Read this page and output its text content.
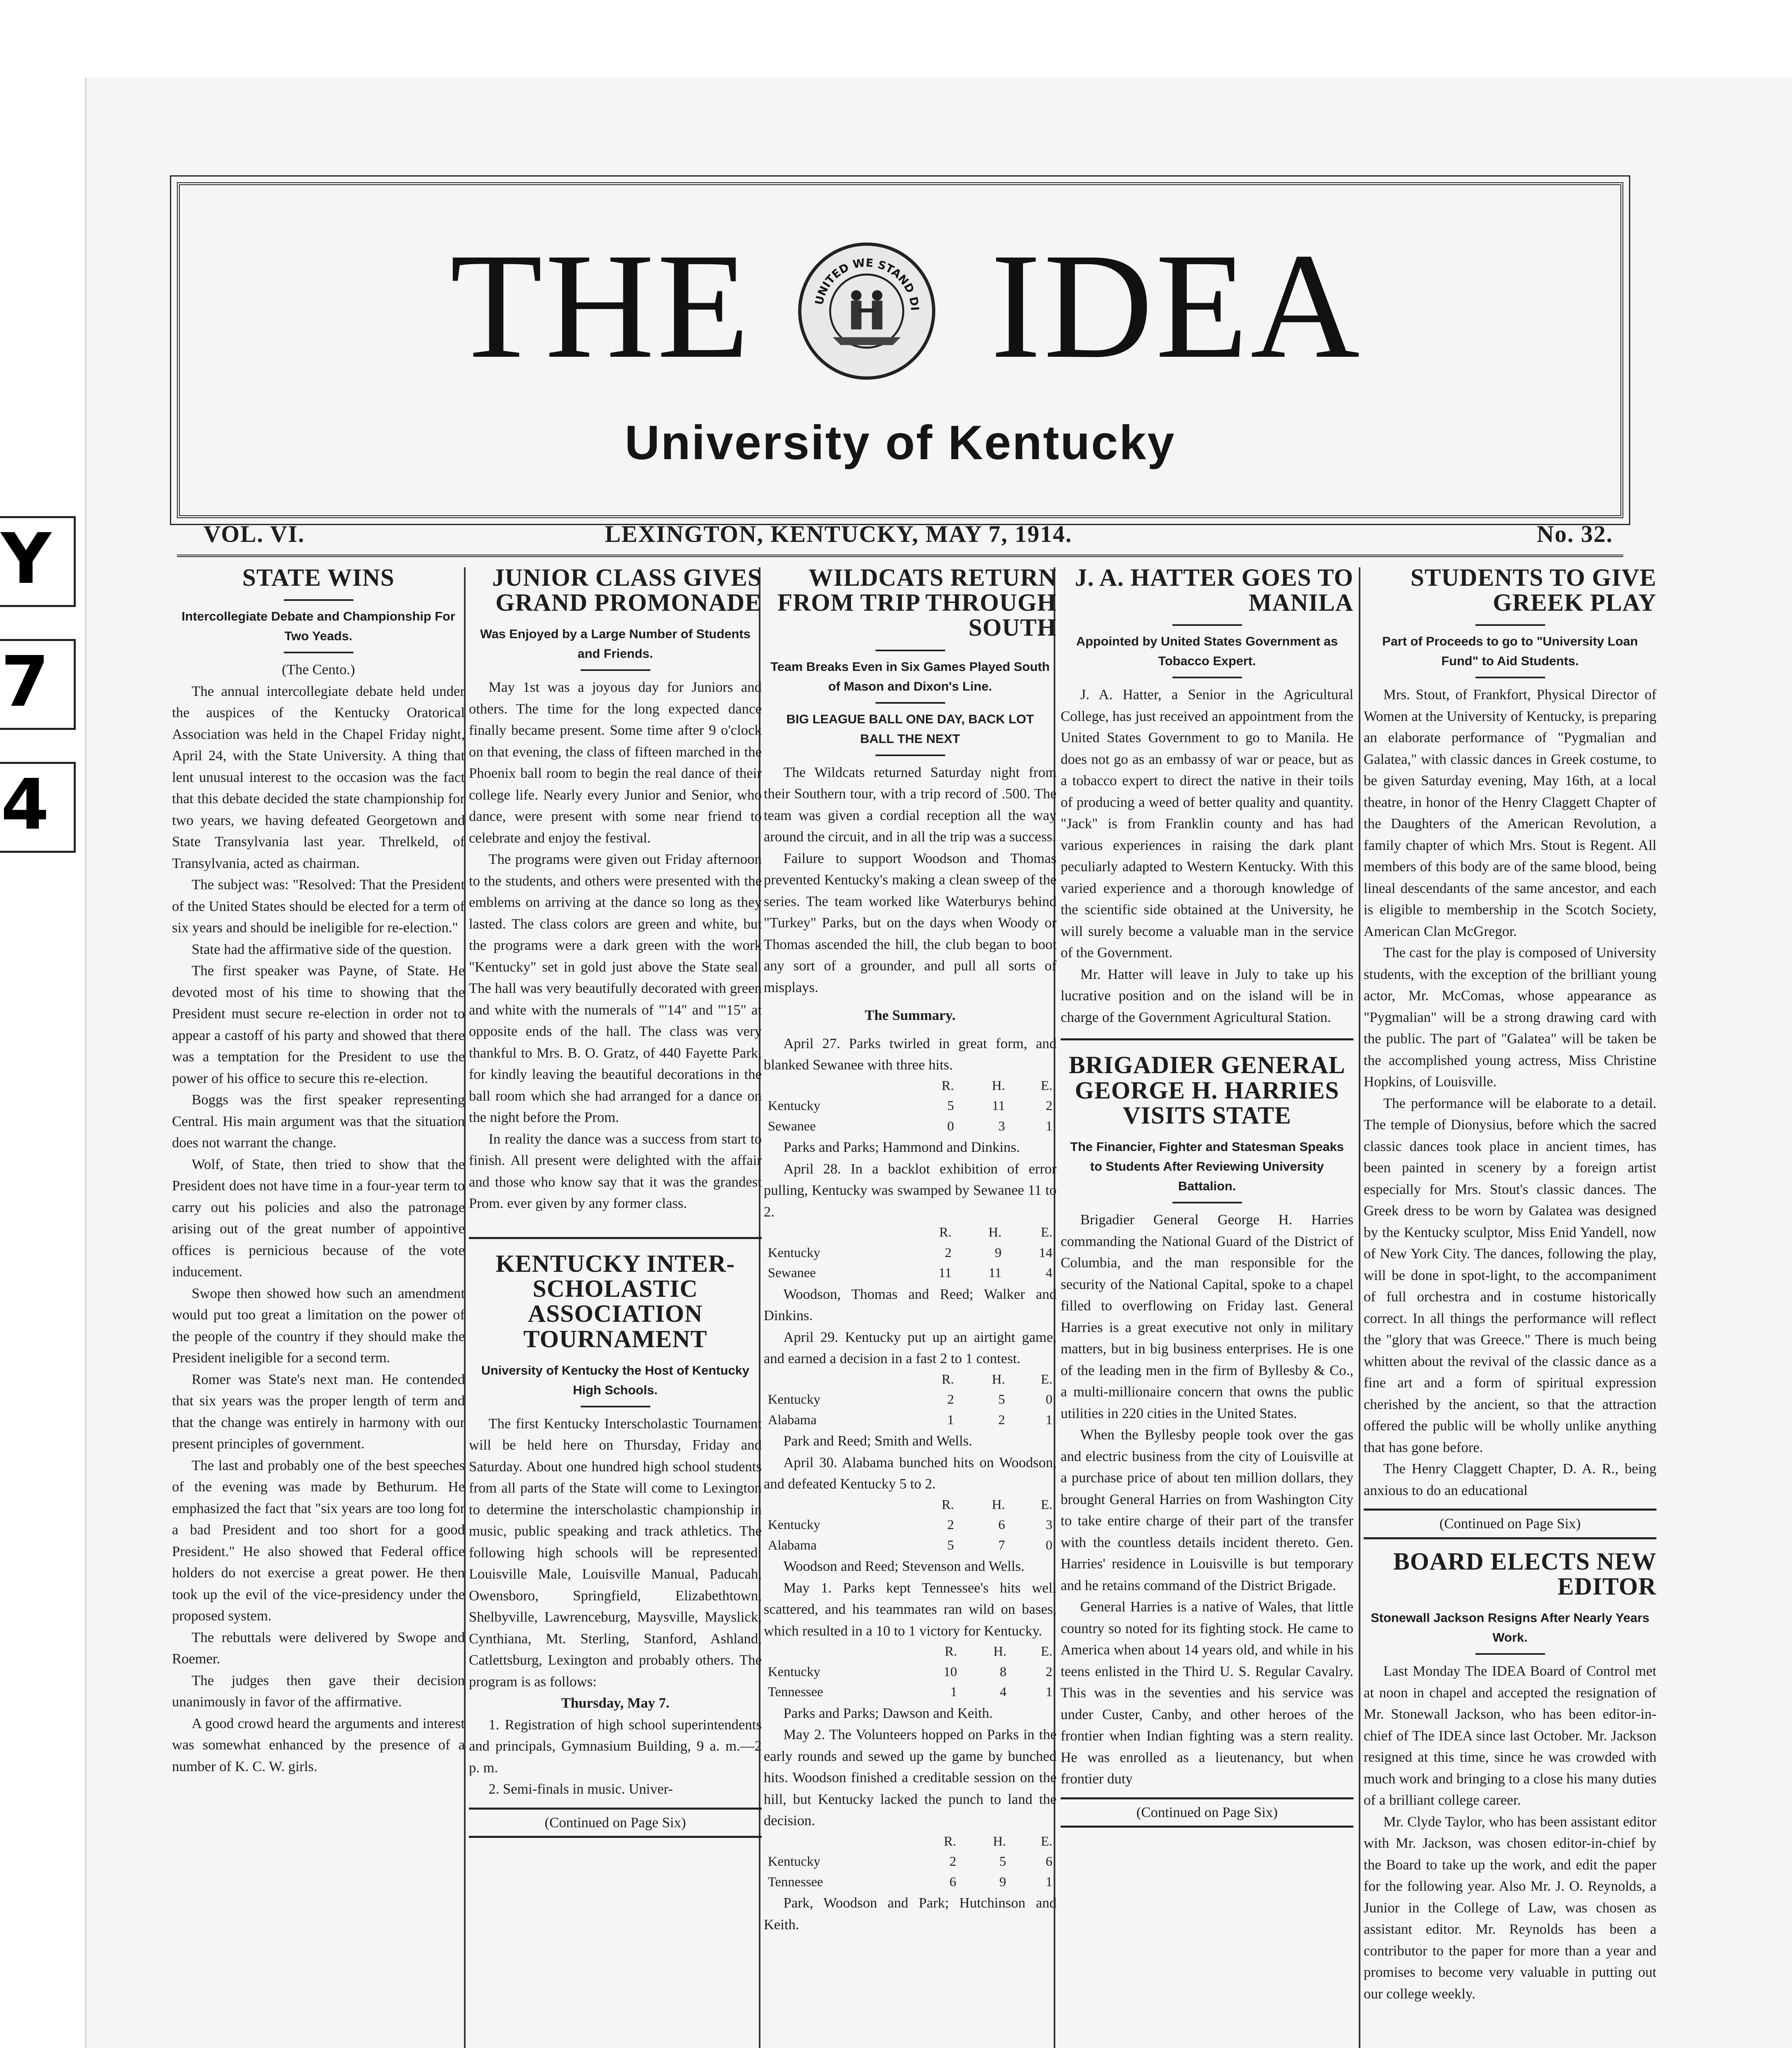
Y
7
4
THE	UNITED WE STAND DI IDEA
University of Kentucky
VOL. VI.	LEXINGTON, KENTUCKY, MAY 7, 1914.	No. 32.
STATE WINS
Intercollegiate Debate and Championship For Two Yeads.

(The Cento.)

The annual intercollegiate debate held under the auspices of the Kentucky Oratorical Association was held in the Chapel Friday night, April 24, with the State University. A thing that lent unusual interest to the occasion was the fact that this debate decided the state championship for two years, we having defeated Georgetown and State Transylvania last year. Threlkeld, of Transylvania, acted as chairman.

The subject was: "Resolved: That the President of the United States should be elected for a term of six years and should be ineligible for re-election."

State had the affirmative side of the question.

The first speaker was Payne, of State. He devoted most of his time to showing that the President must secure re-election in order not to appear a castoff of his party and showed that there was a temptation for the President to use the power of his office to secure this re-election.

Boggs was the first speaker representing Central. His main argument was that the situation does not warrant the change.

Wolf, of State, then tried to show that the President does not have time in a four-year term to carry out his policies and also the patronage arising out of the great number of appointive offices is pernicious because of the vote inducement.

Swope then showed how such an amendment would put too great a limitation on the power of the people of the country if they should make the President ineligible for a second term.

Romer was State's next man. He contended that six years was the proper length of term and that the change was entirely in harmony with our present principles of government.

The last and probably one of the best speeches of the evening was made by Bethurum. He emphasized the fact that "six years are too long for a bad President and too short for a good President." He also showed that Federal office holders do not exercise a great power. He then took up the evil of the vice-presidency under the proposed system.

The rebuttals were delivered by Swope and Roemer.

The judges then gave their decision unanimously in favor of the affirmative.

A good crowd heard the arguments and interest was somewhat enhanced by the presence of a number of K. C. W. girls.

JUNIOR CLASS GIVES GRAND PROMONADE
Was Enjoyed by a Large Number of Students and Friends.

May 1st was a joyous day for Juniors and others. The time for the long expected dance finally became present. Some time after 9 o'clock on that evening, the class of fifteen marched in the Phoenix ball room to begin the real dance of their college life. Nearly every Junior and Senior, who dance, were present with some near friend to celebrate and enjoy the festival.

The programs were given out Friday afternoon to the students, and others were presented with the emblems on arriving at the dance so long as they lasted. The class colors are green and white, but the programs were a dark green with the work "Kentucky" set in gold just above the State seal. The hall was very beautifully decorated with green and white with the numerals of "'14" and "'15" at opposite ends of the hall. The class was very thankful to Mrs. B. O. Gratz, of 440 Fayette Park, for kindly leaving the beautiful decorations in the ball room which she had arranged for a dance on the night before the Prom.

In reality the dance was a success from start to finish. All present were delighted with the affair and those who know say that it was the grandest Prom. ever given by any former class.

KENTUCKY INTER-SCHOLASTIC ASSOCIATION TOURNAMENT
University of Kentucky the Host of Kentucky High Schools.

The first Kentucky Interscholastic Tournament will be held here on Thursday, Friday and Saturday. About one hundred high school students from all parts of the State will come to Lexington to determine the interscholastic championship in music, public speaking and track athletics. The following high schools will be represented: Louisville Male, Louisville Manual, Paducah, Owensboro, Springfield, Elizabethtown, Shelbyville, Lawrenceburg, Maysville, Mayslick, Cynthiana, Mt. Sterling, Stanford, Ashland, Catlettsburg, Lexington and probably others. The program is as follows:

Thursday, May 7.

1. Registration of high school superintendents and principals, Gymnasium Building, 9 a. m.—2 p. m.

2. Semi-finals in music. Univer-

(Continued on Page Six)
WILDCATS RETURN FROM TRIP THROUGH SOUTH
Team Breaks Even in Six Games Played South of Mason and Dixon's Line.
BIG LEAGUE BALL ONE DAY, BACK LOT BALL THE NEXT

The Wildcats returned Saturday night from their Southern tour, with a trip record of .500. The team was given a cordial reception all the way around the circuit, and in all the trip was a success.

Failure to support Woodson and Thomas prevented Kentucky's making a clean sweep of the series. The team worked like Waterburys behind "Turkey" Parks, but on the days when Woody or Thomas ascended the hill, the club began to boot any sort of a grounder, and pull all sorts of misplays.

The Summary.

April 27. Parks twirled in great form, and blanked Sewanee with three hits.

	R.	H.	E.
Kentucky	5	11	2
Sewanee	0	3	1

Parks and Parks; Hammond and Dinkins.

April 28. In a backlot exhibition of error pulling, Kentucky was swamped by Sewanee 11 to 2.

	R.	H.	E.
Kentucky	2	9	14
Sewanee	11	11	4

Woodson, Thomas and Reed; Walker and Dinkins.

April 29. Kentucky put up an airtight game, and earned a decision in a fast 2 to 1 contest.

	R.	H.	E.
Kentucky	2	5	0
Alabama	1	2	1

Park and Reed; Smith and Wells.

April 30. Alabama bunched hits on Woodson, and defeated Kentucky 5 to 2.

	R.	H.	E.
Kentucky	2	6	3
Alabama	5	7	0

Woodson and Reed; Stevenson and Wells.

May 1. Parks kept Tennessee's hits well scattered, and his teammates ran wild on bases, which resulted in a 10 to 1 victory for Kentucky.

	R.	H.	E.
Kentucky	10	8	2
Tennessee	1	4	1

Parks and Parks; Dawson and Keith.

May 2. The Volunteers hopped on Parks in the early rounds and sewed up the game by bunched hits. Woodson finished a creditable session on the hill, but Kentucky lacked the punch to land the decision.

	R.	H.	E.
Kentucky	2	5	6
Tennessee	6	9	1

Park, Woodson and Park; Hutchinson and Keith.

J. A. HATTER GOES TO MANILA
Appointed by United States Government as Tobacco Expert.

J. A. Hatter, a Senior in the Agricultural College, has just received an appointment from the United States Government to go to Manila. He does not go as an embassy of war or peace, but as a tobacco expert to direct the native in their toils of producing a weed of better quality and quantity. "Jack" is from Franklin county and has had various experiences in raising the dark plant peculiarly adapted to Western Kentucky. With this varied experience and a thorough knowledge of the scientific side obtained at the University, he will surely become a valuable man in the service of the Government.

Mr. Hatter will leave in July to take up his lucrative position and on the island will be in charge of the Government Agricultural Station.

BRIGADIER GENERAL GEORGE H. HARRIES VISITS STATE
The Financier, Fighter and Statesman Speaks to Students After Reviewing University Battalion.

Brigadier General George H. Harries commanding the National Guard of the District of Columbia, and the man responsible for the security of the National Capital, spoke to a chapel filled to overflowing on Friday last. General Harries is a great executive not only in military matters, but in big business enterprises. He is one of the leading men in the firm of Byllesby & Co., a multi-millionaire concern that owns the public utilities in 220 cities in the United States.

When the Byllesby people took over the gas and electric business from the city of Louisville at a purchase price of about ten million dollars, they brought General Harries on from Washington City to take entire charge of their part of the transfer with the countless details incident thereto. Gen. Harries' residence in Louisville is but temporary and he retains command of the District Brigade.

General Harries is a native of Wales, that little country so noted for its fighting stock. He came to America when about 14 years old, and while in his teens enlisted in the Third U. S. Regular Cavalry. This was in the seventies and his service was under Custer, Canby, and other heroes of the frontier when Indian fighting was a stern reality. He was enrolled as a lieutenancy, but when frontier duty

(Continued on Page Six)
STUDENTS TO GIVE GREEK PLAY
Part of Proceeds to go to "University Loan Fund" to Aid Students.

Mrs. Stout, of Frankfort, Physical Director of Women at the University of Kentucky, is preparing an elaborate performance of "Pygmalian and Galatea," with classic dances in Greek costume, to be given Saturday evening, May 16th, at a local theatre, in honor of the Henry Claggett Chapter of the Daughters of the American Revolution, a family chapter of which Mrs. Stout is Regent. All members of this body are of the same blood, being lineal descendants of the same ancestor, and each is eligible to membership in the Scotch Society, American Clan McGregor.

The cast for the play is composed of University students, with the exception of the brilliant young actor, Mr. McComas, whose appearance as "Pygmalian" will be a strong drawing card with the public. The part of "Galatea" will be taken be the accomplished young actress, Miss Christine Hopkins, of Louisville.

The performance will be elaborate to a detail. The temple of Dionysius, before which the sacred classic dances took place in ancient times, has been painted in scenery by a foreign artist especially for Mrs. Stout's classic dances. The Greek dress to be worn by Galatea was designed by the Kentucky sculptor, Miss Enid Yandell, now of New York City. The dances, following the play, will be done in spot-light, to the accompaniment of full orchestra and in costume historically correct. In all things the performance will reflect the "glory that was Greece." There is much being whitten about the revival of the classic dance as a fine art and a form of spiritual expression cherished by the ancient, so that the attraction offered the public will be wholly unlike anything that has gone before.

The Henry Claggett Chapter, D. A. R., being anxious to do an educational

(Continued on Page Six)
BOARD ELECTS NEW EDITOR
Stonewall Jackson Resigns After Nearly Years Work.

Last Monday The IDEA Board of Control met at noon in chapel and accepted the resignation of Mr. Stonewall Jackson, who has been editor-in-chief of The IDEA since last October. Mr. Jackson resigned at this time, since he was crowded with much work and bringing to a close his many duties of a brilliant college career.

Mr. Clyde Taylor, who has been assistant editor with Mr. Jackson, was chosen editor-in-chief by the Board to take up the work, and edit the paper for the following year. Also Mr. J. O. Reynolds, a Junior in the College of Law, was chosen as assistant editor. Mr. Reynolds has been a contributor to the paper for more than a year and promises to become very valuable in putting out our college weekly.
